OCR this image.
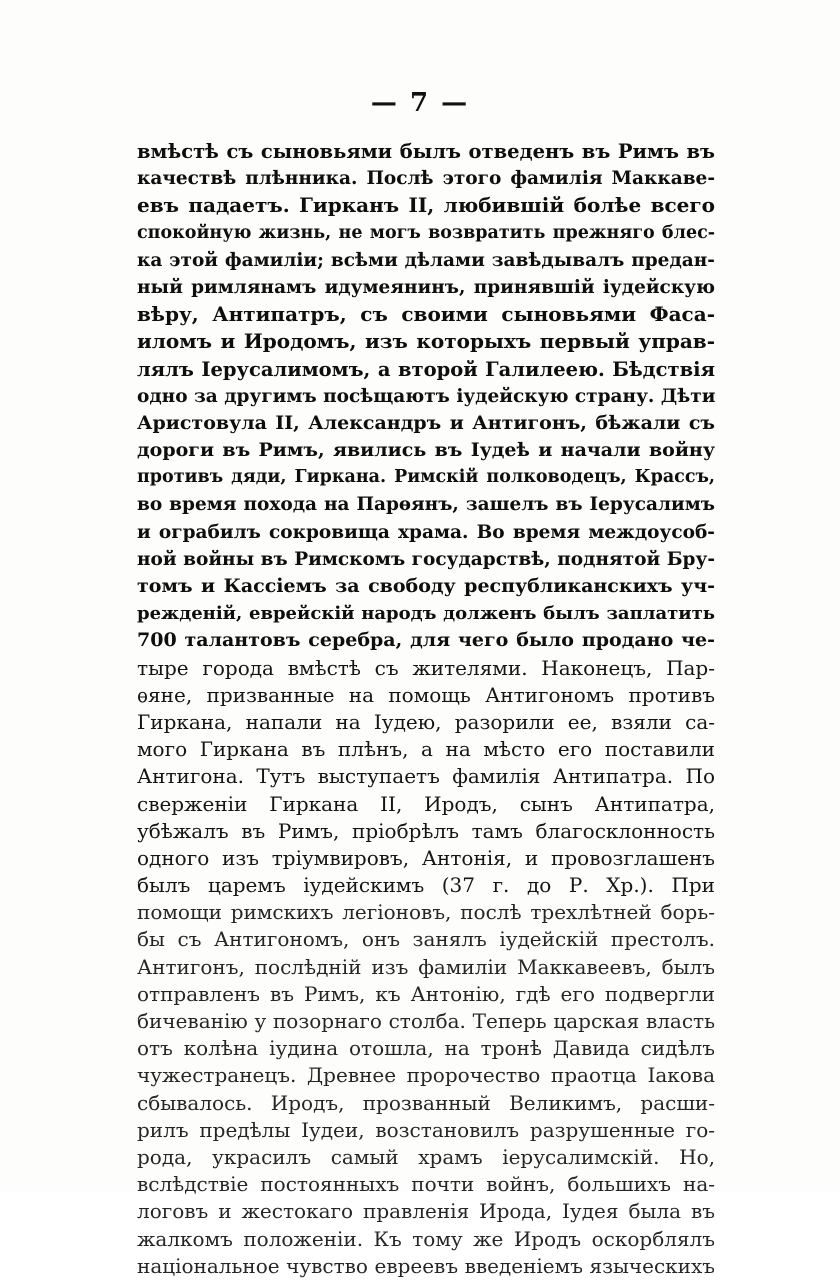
— 7 —
вмѣстѣ съ сыновьями былъ отведенъ въ Римъ въ
качествѣ плѣнника. Послѣ этого фамилія Маккаве-
евъ падаетъ. Гирканъ II, любившій болѣе всего
спокойную жизнь, не могъ возвратить прежняго блес-
ка этой фамиліи; всѣми дѣлами завѣдывалъ предан-
ный римлянамъ идумеянинъ, принявшій іудейскую
вѣру, Антипатръ, съ своими сыновьями Фаса-
иломъ и Иродомъ, изъ которыхъ первый управ-
лялъ Іерусалимомъ, а второй Галилеею. Бѣдствія
одно за другимъ посѣщаютъ іудейскую страну. Дѣти
Аристовула II, Александръ и Антигонъ, бѣжали съ
дороги въ Римъ, явились въ Іудеѣ и начали войну
противъ дяди, Гиркана. Римскій полководецъ, Крассъ,
во время похода на Парѳянъ, зашелъ въ Іерусалимъ
и ограбилъ сокровища храма. Во время междоусоб-
ной войны въ Римскомъ государствѣ, поднятой Бру-
томъ и Кассіемъ за свободу республиканскихъ уч-
режденій, еврейскій народъ долженъ былъ заплатить
700 талантовъ серебра, для чего было продано че-
тыре города вмѣстѣ съ жителями. Наконецъ, Пар-
ѳяне, призванные на помощь Антигономъ противъ
Гиркана, напали на Іудею, разорили ее, взяли са-
мого Гиркана въ плѣнъ, а на мѣсто его поставили
Антигона. Тутъ выступаетъ фамилія Антипатра. По
сверженіи Гиркана II, Иродъ, сынъ Антипатра,
убѣжалъ въ Римъ, пріобрѣлъ тамъ благосклонность
одного изъ тріумвировъ, Антонія, и провозглашенъ
былъ царемъ іудейскимъ (37 г. до Р. Хр.). При
помощи римскихъ легіоновъ, послѣ трехлѣтней борь-
бы съ Антигономъ, онъ занялъ іудейскій престолъ.
Антигонъ, послѣдній изъ фамиліи Маккавеевъ, былъ
отправленъ въ Римъ, къ Антонію, гдѣ его подвергли
бичеванію у позорнаго столба. Теперь царская власть
отъ колѣна іудина отошла, на тронѣ Давида сидѣлъ
чужестранецъ. Древнее пророчество праотца Іакова
сбывалось. Иродъ, прозванный Великимъ, расши-
рилъ предѣлы Іудеи, возстановилъ разрушенные го-
рода, украсилъ самый храмъ іерусалимскій. Но,
вслѣдствіе постоянныхъ почти войнъ, большихъ на-
логовъ и жестокаго правленія Ирода, Іудея была въ
жалкомъ положеніи. Къ тому же Иродъ оскорблялъ
національное чувство евреевъ введеніемъ языческихъ
